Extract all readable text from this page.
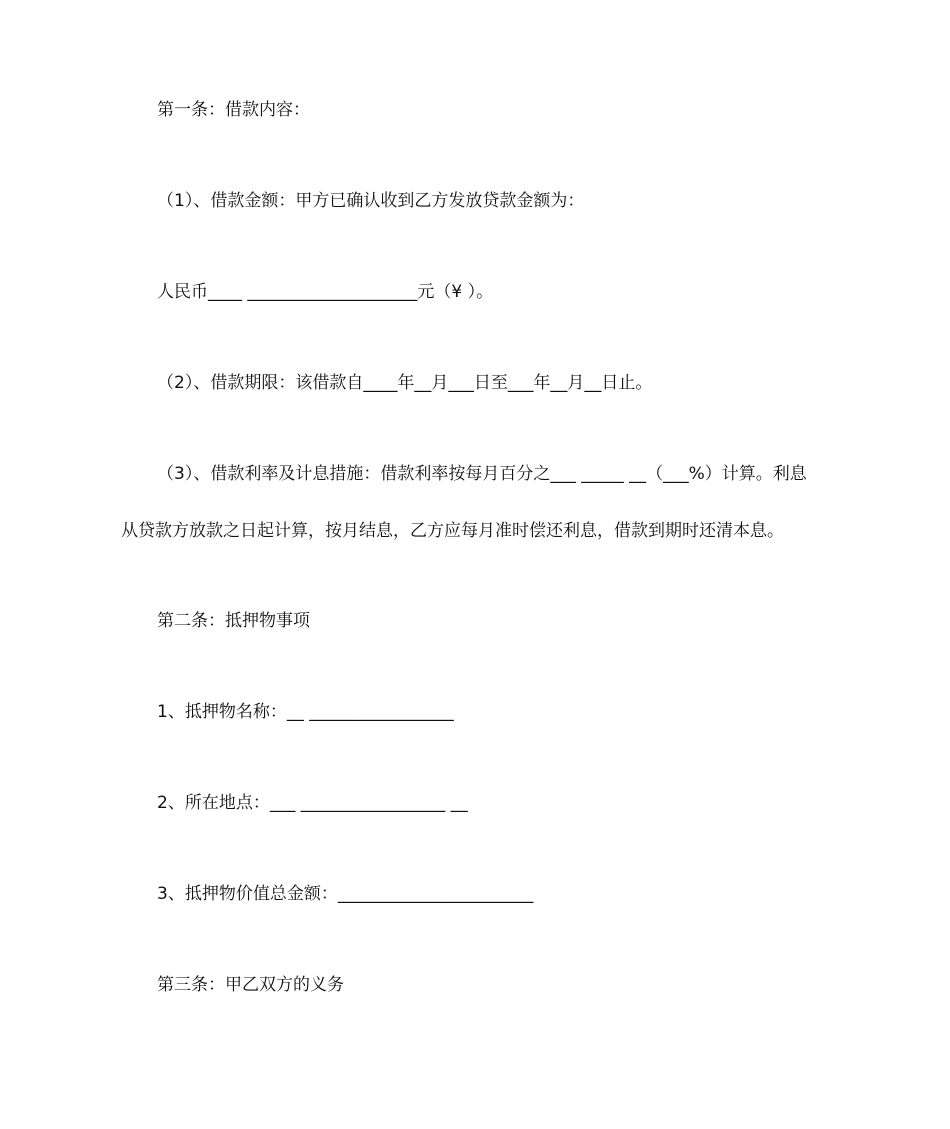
第一条：借款内容：
（1）、借款金额：甲方已确认收到乙方发放贷款金额为：
人民币____ ____________________元（¥ ）。
（2）、借款期限：该借款自____年__月___日至___年__月__日止。
（3）、借款利率及计息措施：借款利率按每月百分之___ _____ __（___%）计算。利息
从贷款方放款之日起计算，按月结息，乙方应每月准时偿还利息，借款到期时还清本息。
第二条：抵押物事项
1、抵押物名称：__ _________________
2、所在地点：___ _________________ __
3、抵押物价值总金额：_______________________
第三条：甲乙双方的义务
